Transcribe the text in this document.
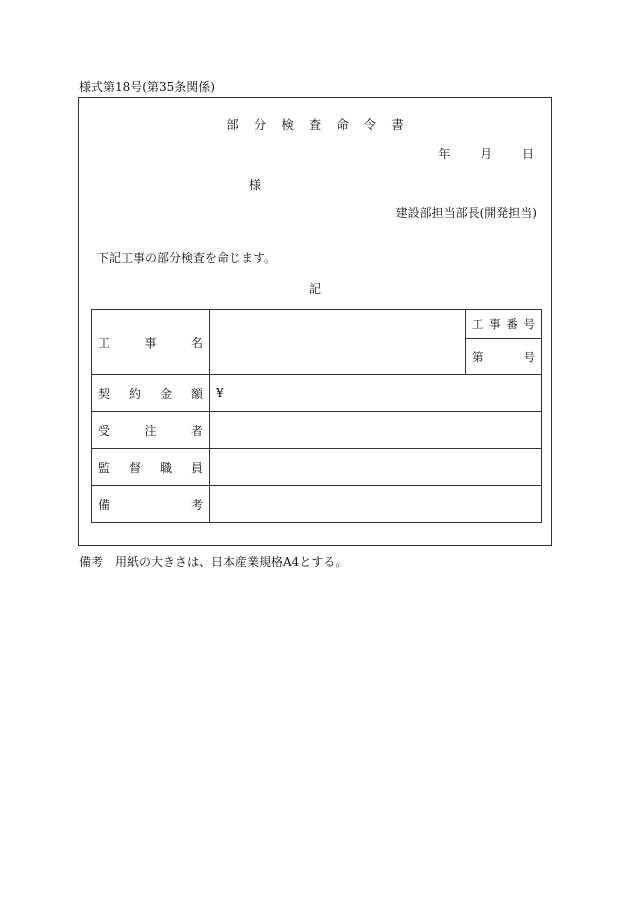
様式第18号(第35条関係)
部分検査命令書
年 月 日
様
建設部担当部長(開発担当)
下記工事の部分検査を命じます。
記
工事名		工事番号
		第 号

契約金額	¥	
受注者		
監督職員		
備考		
備考 用紙の大きさは、日本産業規格A4とする。
